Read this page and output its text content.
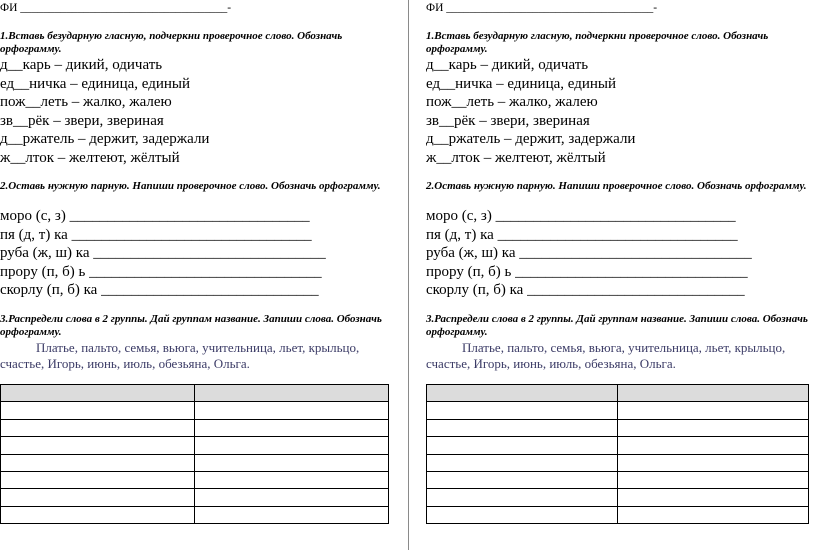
ФИ ____________________________________-
1.Вставь безударную гласную, подчеркни проверочное слово. Обозначь орфограмму.
д__карь – дикий, одичать
ед__ничка – единица, единый
пож__леть – жалко, жалею
зв__рёк – звери, звериная
д__ржатель – держит, задержали
ж__лток – желтеют, жёлтый
2.Оставь нужную парную. Напиши проверочное слово. Обозначь орфограмму.
моро (с, з) ________________________________
пя (д, т) ка ________________________________
руба (ж, ш) ка _______________________________
прору (п, б) ь _______________________________
скорлу (п, б) ка _____________________________
3.Распредели слова в 2 группы. Дай группам название. Запиши слова. Обозначь орфограмму.
Платье, пальто, семья, вьюга, учительница, льет, крыльцо,
счастье, Игорь, июнь, июль, обезьяна, Ольга.

ФИ ____________________________________-
1.Вставь безударную гласную, подчеркни проверочное слово. Обозначь орфограмму.
д__карь – дикий, одичать
ед__ничка – единица, единый
пож__леть – жалко, жалею
зв__рёк – звери, звериная
д__ржатель – держит, задержали
ж__лток – желтеют, жёлтый
2.Оставь нужную парную. Напиши проверочное слово. Обозначь орфограмму.
моро (с, з) ________________________________
пя (д, т) ка ________________________________
руба (ж, ш) ка _______________________________
прору (п, б) ь _______________________________
скорлу (п, б) ка _____________________________
3.Распредели слова в 2 группы. Дай группам название. Запиши слова. Обозначь орфограмму.
Платье, пальто, семья, вьюга, учительница, льет, крыльцо,
счастье, Игорь, июнь, июль, обезьяна, Ольга.
